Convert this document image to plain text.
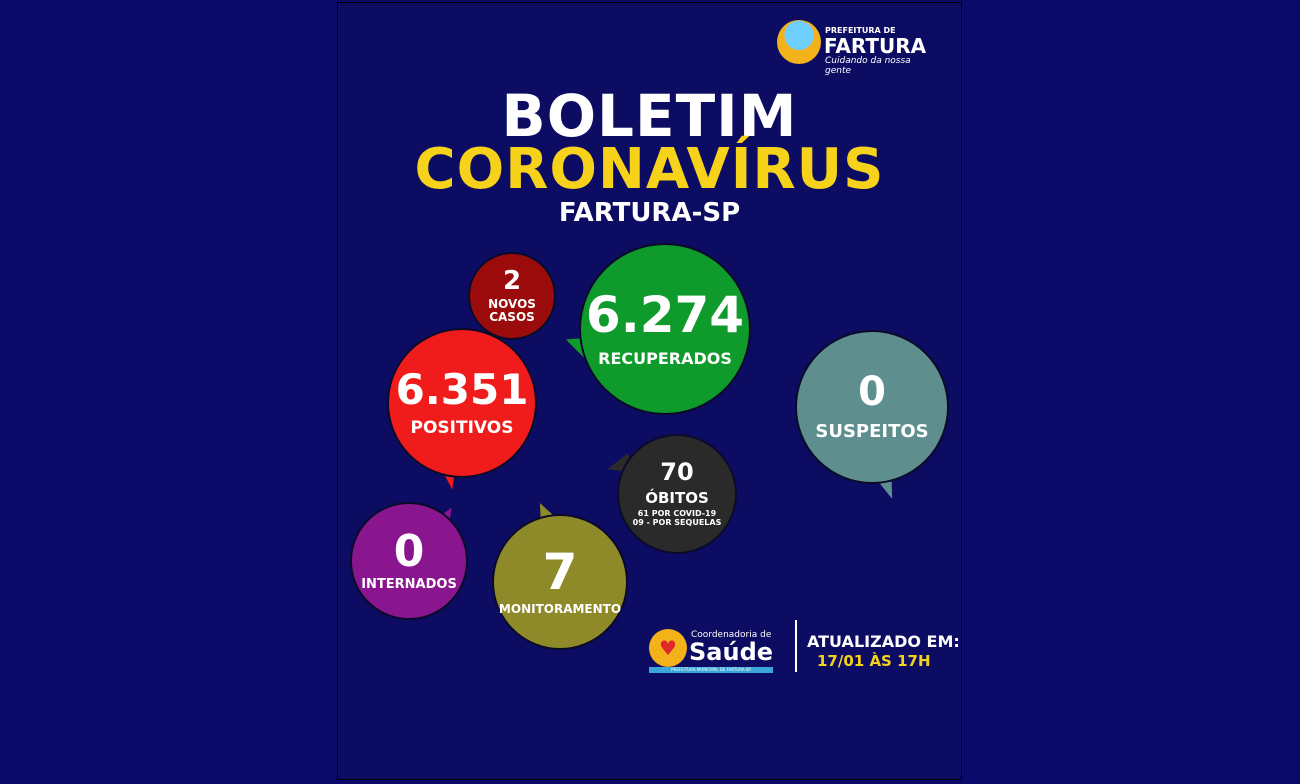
PREFEITURA DE
FARTURA
Cuidando da nossa gente
BOLETIM
CORONAVÍRUS
FARTURA-SP
2
NOVOS
CASOS 6.274
RECUPERADOS
6.351
POSITIVOS
0
SUSPEITOS
70
ÓBITOS
61 POR COVID-19
09 - POR SEQUELAS
0
INTERNADOS 7
MONITORAMENTO
♥
Coordenadoria de
Saúde
PREFEITURA MUNICIPAL DE FARTURA-SP
ATUALIZADO EM:
17/01 ÀS 17H
